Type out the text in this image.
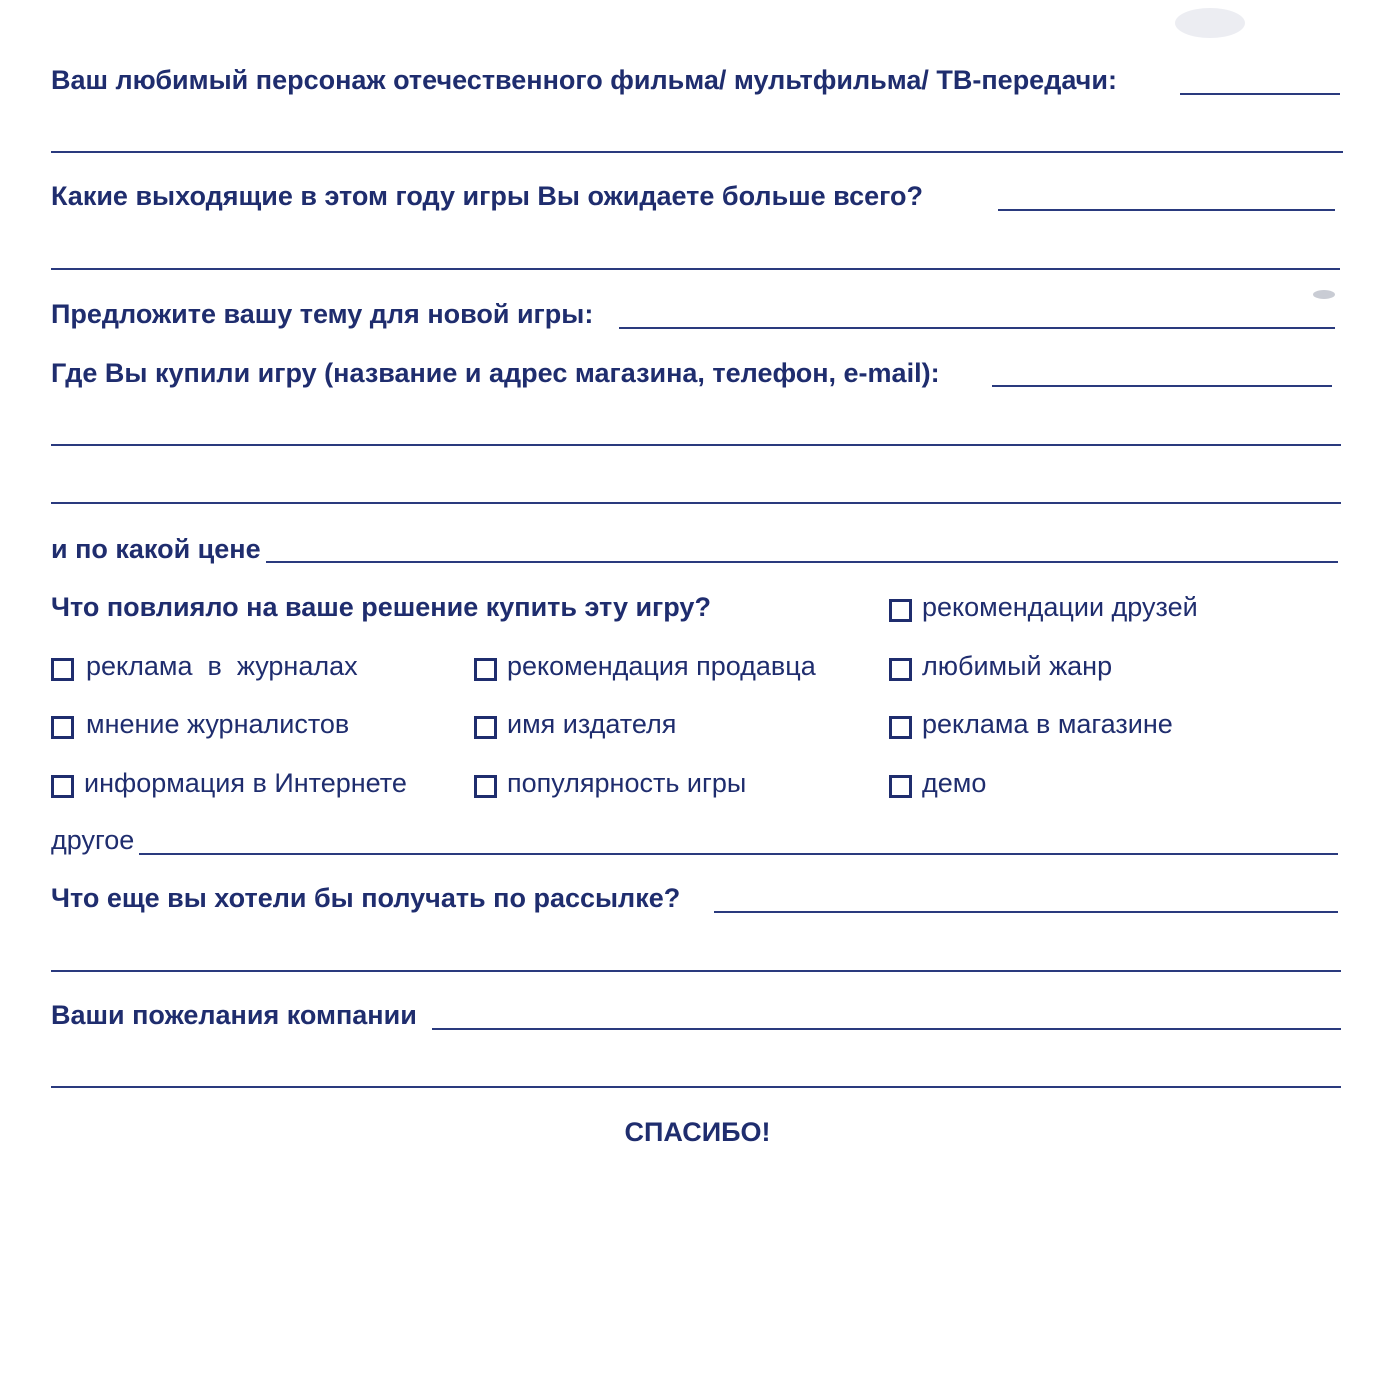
Ваш любимый персонаж отечественного фильма/ мультфильма/ ТВ-передачи:
Какие выходящие в этом году игры Вы ожидаете больше всего?
Предложите вашу тему для новой игры:
Где Вы купили игру (название и адрес магазина, телефон, e-mail):
и по какой цене
Что повлияло на ваше решение купить эту игру?	рекомендации друзей
реклама  в  журналах	рекомендация продавца	любимый жанр
мнение журналистов	имя издателя	реклама в магазине
информация в Интернете	популярность игры	демо
другое
Что еще вы хотели бы получать по рассылке?
Ваши пожелания компании
СПАСИБО!
